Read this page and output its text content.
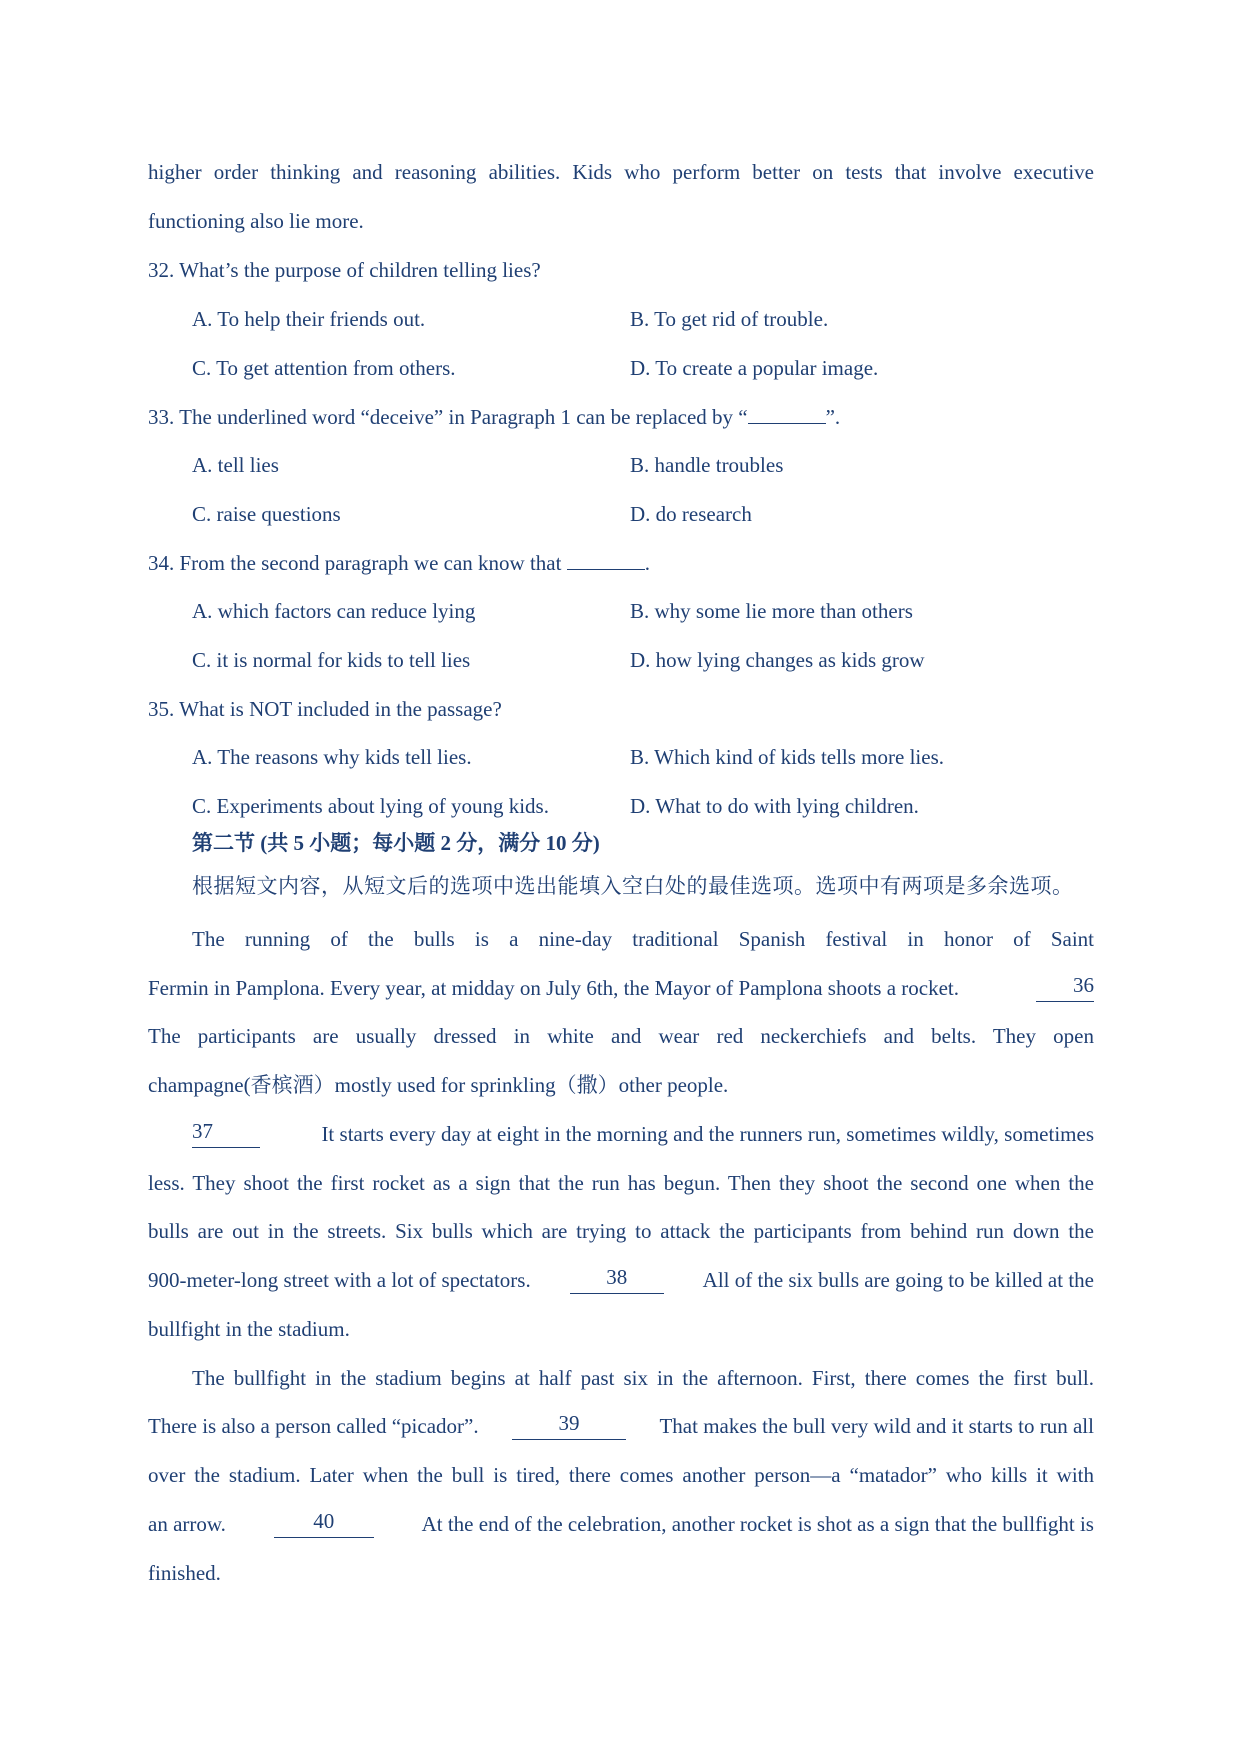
higher order thinking and reasoning abilities. Kids who perform better on tests that involve executive
functioning also lie more.
32. What’s the purpose of children telling lies?
A. To help their friends out.	B. To get rid of trouble.
C. To get attention from others.	D. To create a popular image.
33. The underlined word “deceive” in Paragraph 1 can be replaced by “	”.
A. tell lies	B. handle troubles
C. raise questions	D. do research
34. From the second paragraph we can know that	.
A. which factors can reduce lying	B. why some lie more than others
C. it is normal for kids to tell lies	D. how lying changes as kids grow
35. What is NOT included in the passage?
A. The reasons why kids tell lies.	B. Which kind of kids tells more lies.
C. Experiments about lying of young kids.	D. What to do with lying children.
第二节 (共 5 小题；每小题 2 分，满分 10 分)
根据短文内容，从短文后的选项中选出能填入空白处的最佳选项。选项中有两项是多余选项。
The running of the bulls is a nine-day traditional Spanish festival in honor of Saint
Fermin in Pamplona. Every year, at midday on July 6th, the Mayor of Pamplona shoots a rocket.	36
The participants are usually dressed in white and wear red neckerchiefs and belts. They open
champagne(香槟酒）mostly used for sprinkling（撒）other people.
37	It starts every day at eight in the morning and the runners run, sometimes wildly, sometimes
less. They shoot the first rocket as a sign that the run has begun. Then they shoot the second one when the
bulls are out in the streets. Six bulls which are trying to attack the participants from behind run down the
900-meter-long street with a lot of spectators.	38	All of the six bulls are going to be killed at the
bullfight in the stadium.
The bullfight in the stadium begins at half past six in the afternoon. First, there comes the first bull.
There is also a person called “picador”.	39	That makes the bull very wild and it starts to run all
over the stadium. Later when the bull is tired, there comes another person—a “matador” who kills it with
an arrow.	40	At the end of the celebration, another rocket is shot as a sign that the bullfight is
finished.
